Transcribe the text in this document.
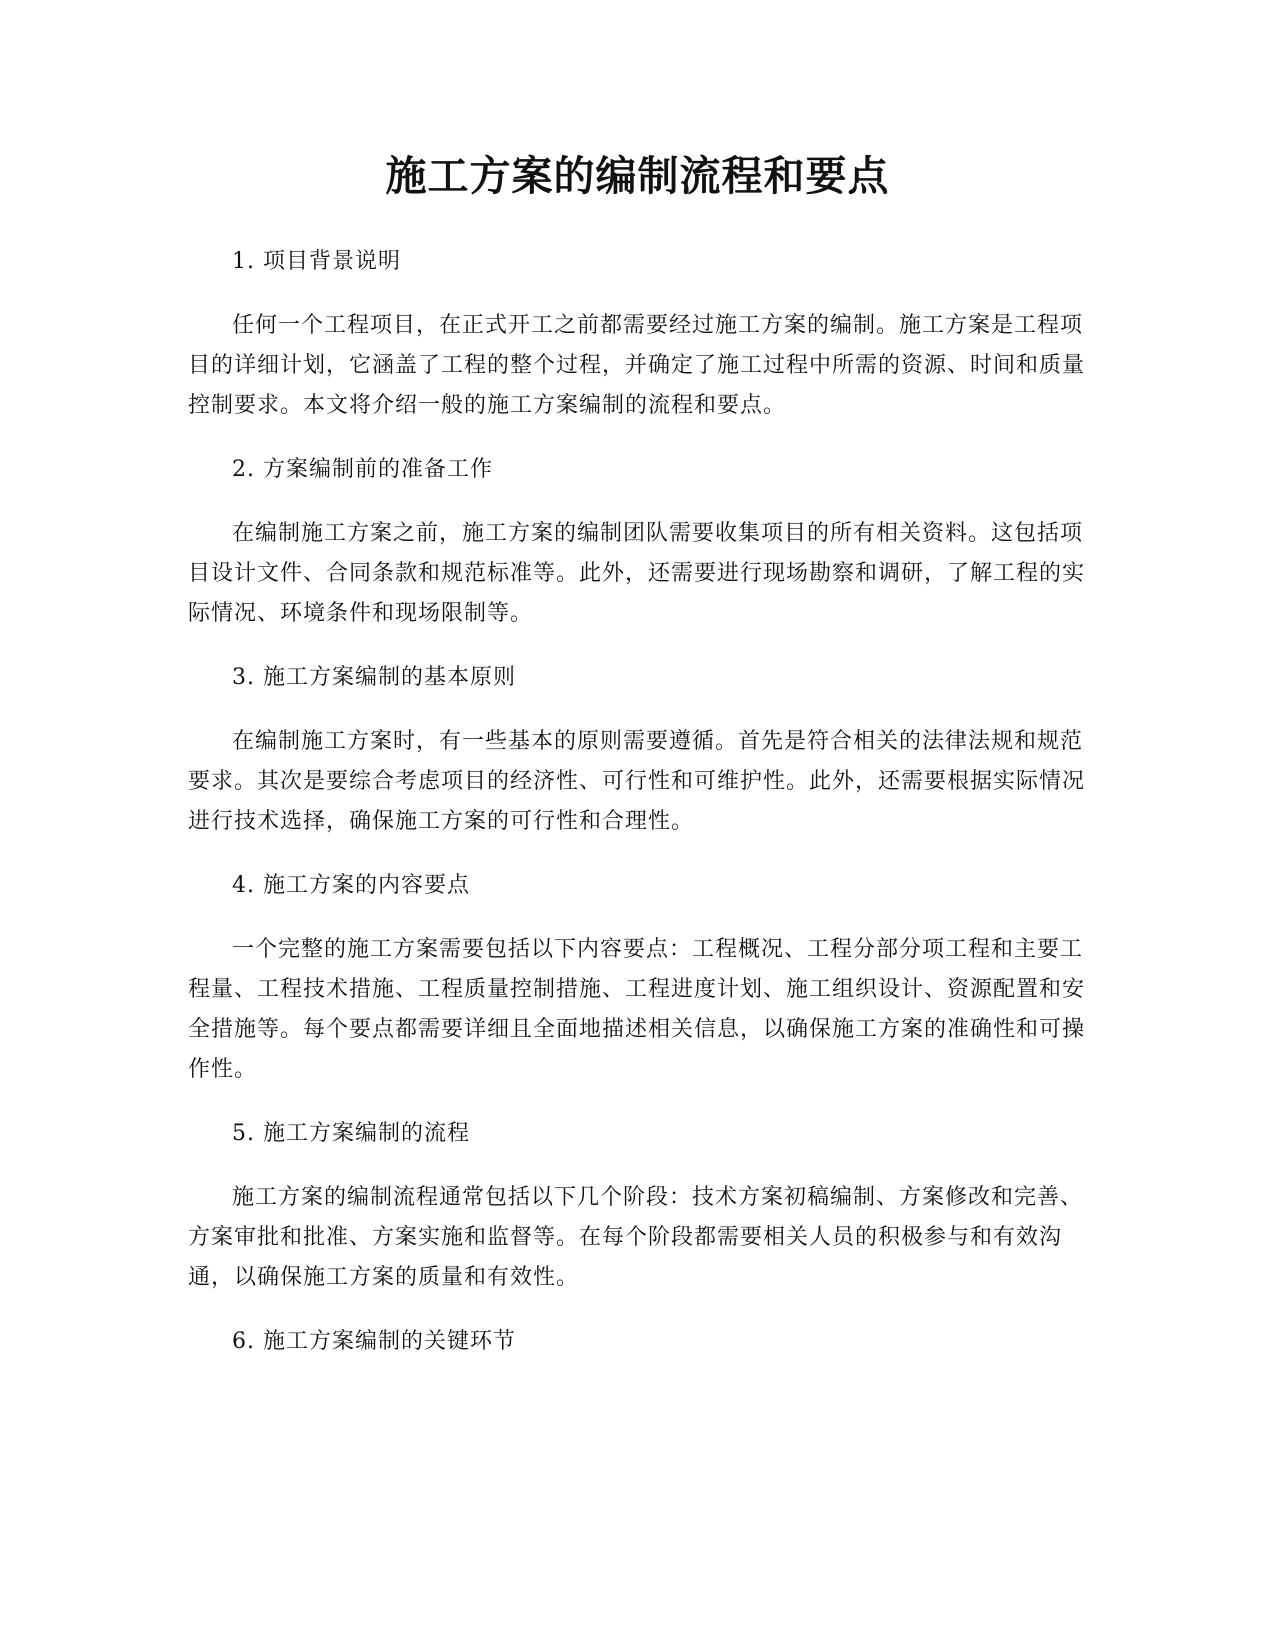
施工方案的编制流程和要点

1. 项目背景说明

任何一个工程项目，在正式开工之前都需要经过施工方案的编制。施工方案是工程项目的详细计划，它涵盖了工程的整个过程，并确定了施工过程中所需的资源、时间和质量控制要求。本文将介绍一般的施工方案编制的流程和要点。

2. 方案编制前的准备工作

在编制施工方案之前，施工方案的编制团队需要收集项目的所有相关资料。这包括项目设计文件、合同条款和规范标准等。此外，还需要进行现场勘察和调研，了解工程的实际情况、环境条件和现场限制等。

3. 施工方案编制的基本原则

在编制施工方案时，有一些基本的原则需要遵循。首先是符合相关的法律法规和规范要求。其次是要综合考虑项目的经济性、可行性和可维护性。此外，还需要根据实际情况进行技术选择，确保施工方案的可行性和合理性。

4. 施工方案的内容要点

一个完整的施工方案需要包括以下内容要点：工程概况、工程分部分项工程和主要工程量、工程技术措施、工程质量控制措施、工程进度计划、施工组织设计、资源配置和安全措施等。每个要点都需要详细且全面地描述相关信息，以确保施工方案的准确性和可操作性。

5. 施工方案编制的流程

施工方案的编制流程通常包括以下几个阶段：技术方案初稿编制、方案修改和完善、方案审批和批准、方案实施和监督等。在每个阶段都需要相关人员的积极参与和有效沟通，以确保施工方案的质量和有效性。

6. 施工方案编制的关键环节
